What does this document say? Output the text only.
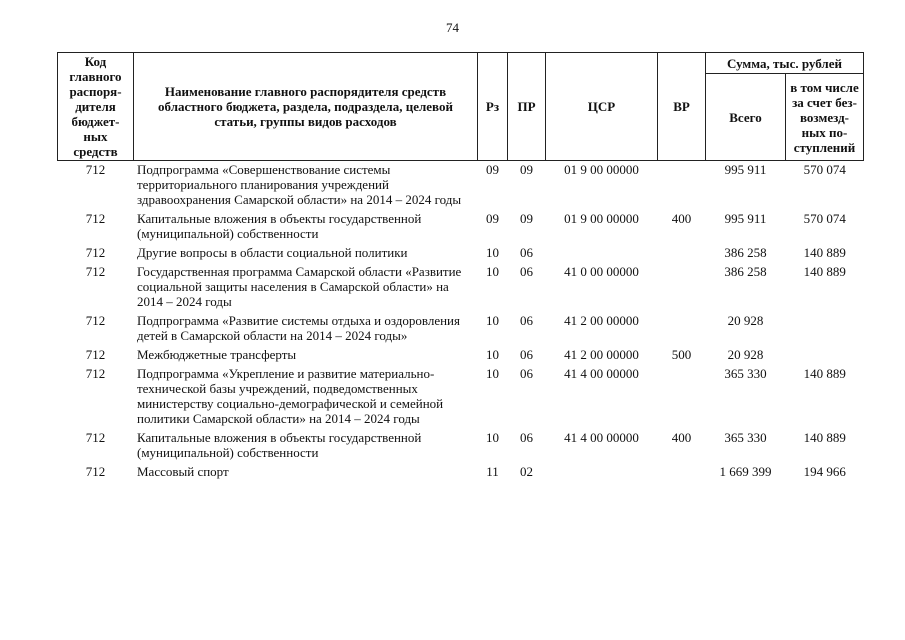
74
Код главного распоря-дителя бюджет-ных средств	Наименование главного распорядителя средств областного бюджета, раздела, подраздела, целевой статьи, группы видов расходов	Рз	ПР	ЦСР	ВР	Сумма, тыс. рублей	
						Всего	в том числе за счет без-возмезд-ных по-ступлений
712	Подпрограмма «Совершенствование системы территориального планирования учреждений здравоохранения Самарской области» на 2014 – 2024 годы	09	09	01 9 00 00000		995 911	570 074
712	Капитальные вложения в объекты государственной (муниципальной) собственности	09	09	01 9 00 00000	400	995 911	570 074
712	Другие вопросы в области социальной политики	10	06			386 258	140 889
712	Государственная программа Самарской области «Развитие социальной защиты населения в Самарской области» на 2014 – 2024 годы	10	06	41 0 00 00000		386 258	140 889
712	Подпрограмма «Развитие системы отдыха и оздоровления детей в Самарской области на 2014 – 2024 годы»	10	06	41 2 00 00000		20 928	
712	Межбюджетные трансферты	10	06	41 2 00 00000	500	20 928	
712	Подпрограмма «Укрепление и развитие материально-технической базы учреждений, подведомственных министерству социально-демографической и семейной политики Самарской области» на 2014 – 2024 годы	10	06	41 4 00 00000		365 330	140 889
712	Капитальные вложения в объекты государственной (муниципальной) собственности	10	06	41 4 00 00000	400	365 330	140 889
712	Массовый спорт	11	02			1 669 399	194 966
